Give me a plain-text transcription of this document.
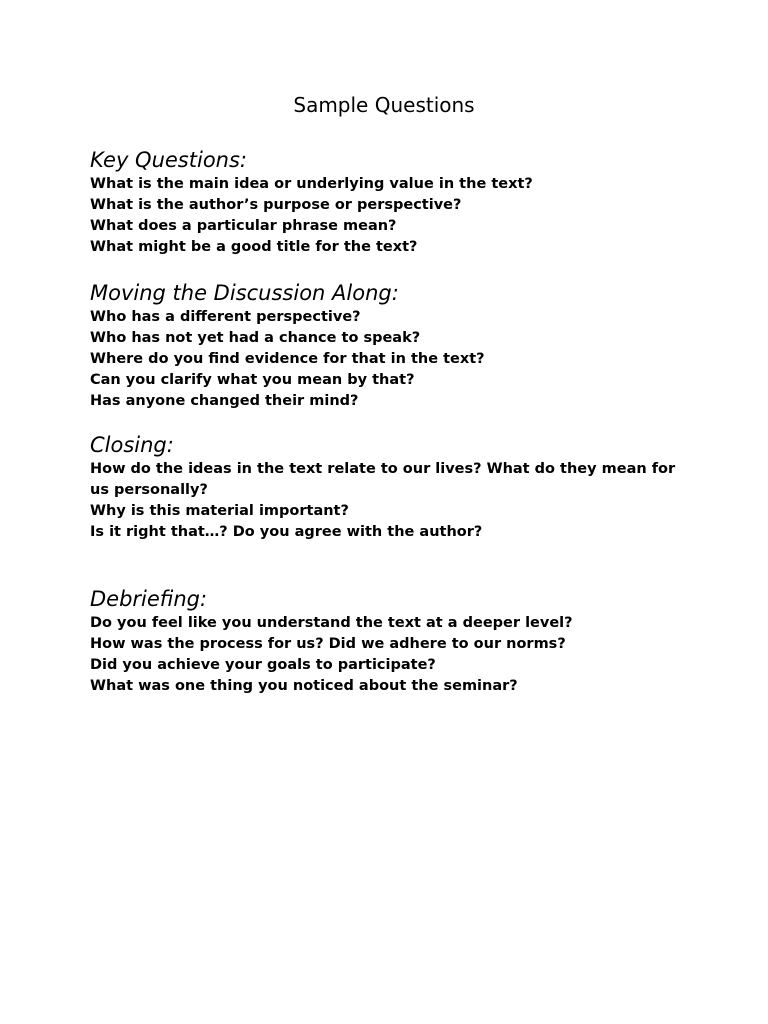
Sample Questions
Key Questions:
What is the main idea or underlying value in the text?
What is the author’s purpose or perspective?
What does a particular phrase mean?
What might be a good title for the text?
Moving the Discussion Along:
Who has a different perspective?
Who has not yet had a chance to speak?
Where do you find evidence for that in the text?
Can you clarify what you mean by that?
Has anyone changed their mind?
Closing:
How do the ideas in the text relate to our lives? What do they mean for us personally?
Why is this material important?
Is it right that…? Do you agree with the author?
Debriefing:
Do you feel like you understand the text at a deeper level?
How was the process for us? Did we adhere to our norms?
Did you achieve your goals to participate?
What was one thing you noticed about the seminar?
